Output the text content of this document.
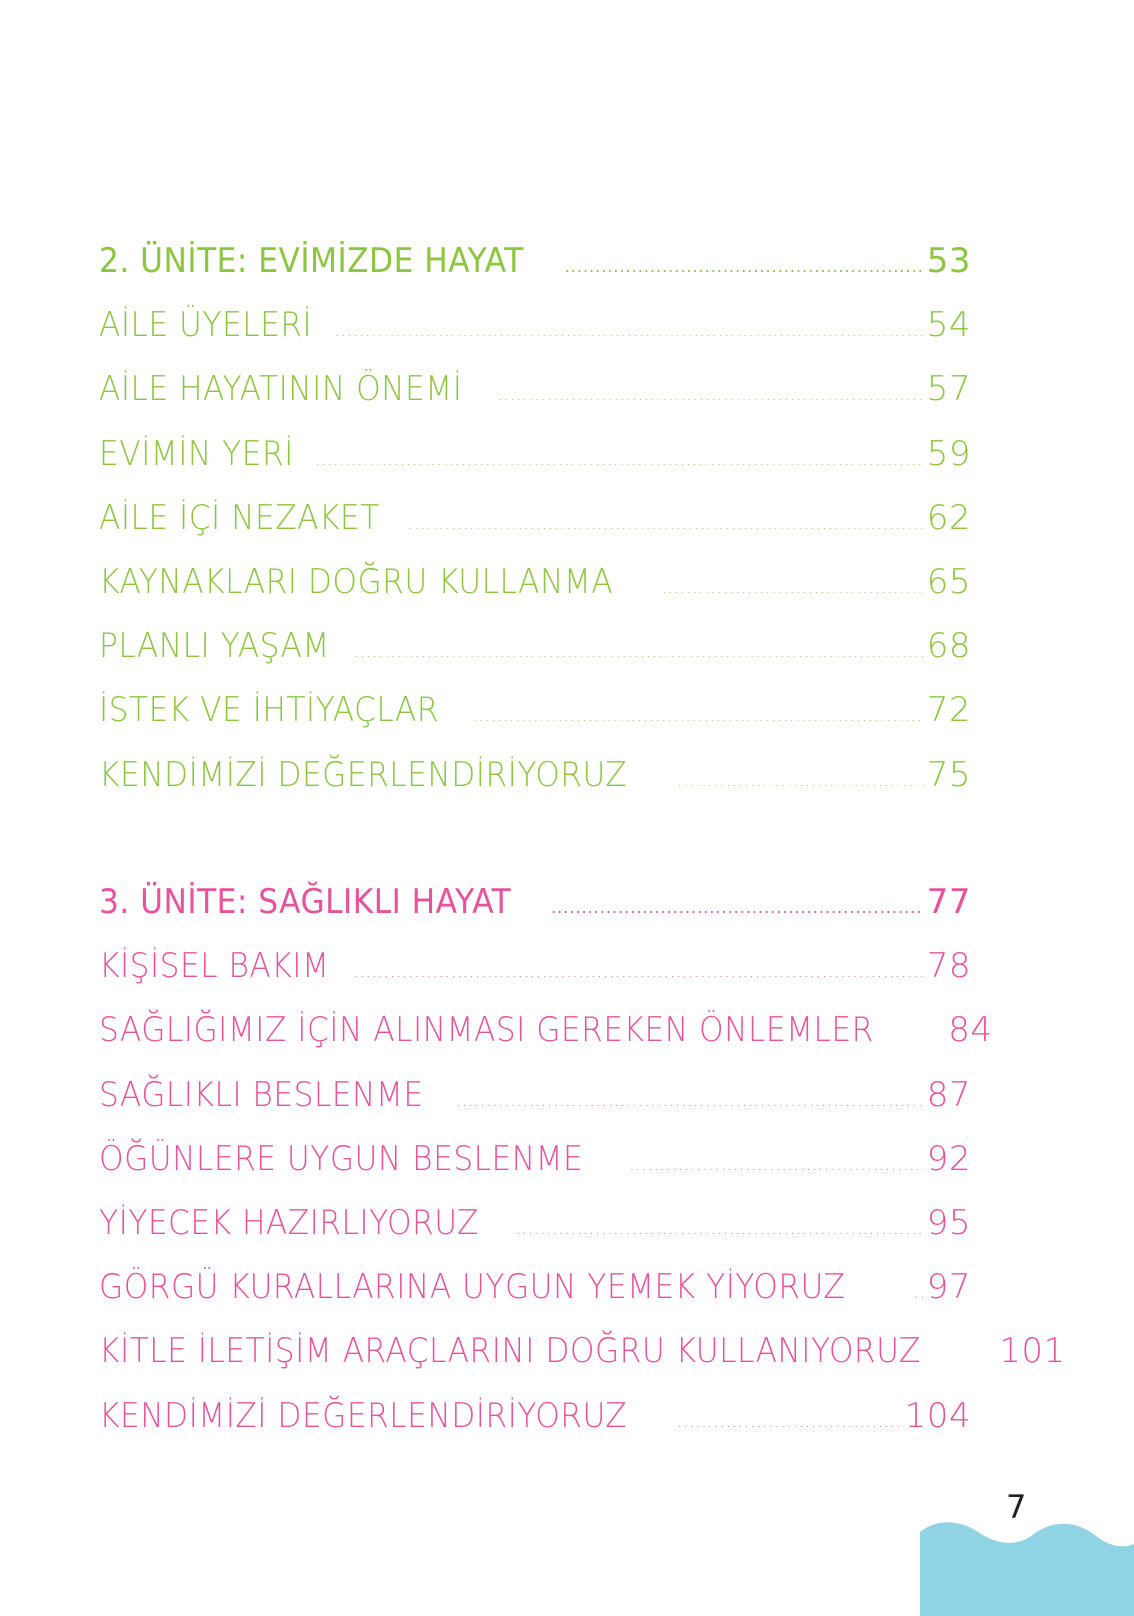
2. ÜNİTE: EVİMİZDE HAYAT .....	53
AİLE ÜYELERİ .....	54
AİLE HAYATININ ÖNEMİ .....	57
EVİMİN YERİ .....	59
AİLE İÇİ NEZAKET .....	62
KAYNAKLARI DOĞRU KULLANMA .....	65
PLANLI YAŞAM .....	68
İSTEK VE İHTİYAÇLAR .....	72
KENDİMİZİ DEĞERLENDİRİYORUZ .....	75
3. ÜNİTE: SAĞLIKLI HAYAT .....	77
KİŞİSEL BAKIM .....	78
SAĞLIĞIMIZ İÇİN ALINMASI GEREKEN ÖNLEMLER 84
SAĞLIKLI BESLENME .....	87
ÖĞÜNLERE UYGUN BESLENME .....	92
YİYECEK HAZIRLIYORUZ .....	95
GÖRGÜ KURALLARINA UYGUN YEMEK YİYORUZ ..... 97
KİTLE İLETİŞİM ARAÇLARINI DOĞRU KULLANIYORUZ 101
KENDİMİZİ DEĞERLENDİRİYORUZ .....	104
7
